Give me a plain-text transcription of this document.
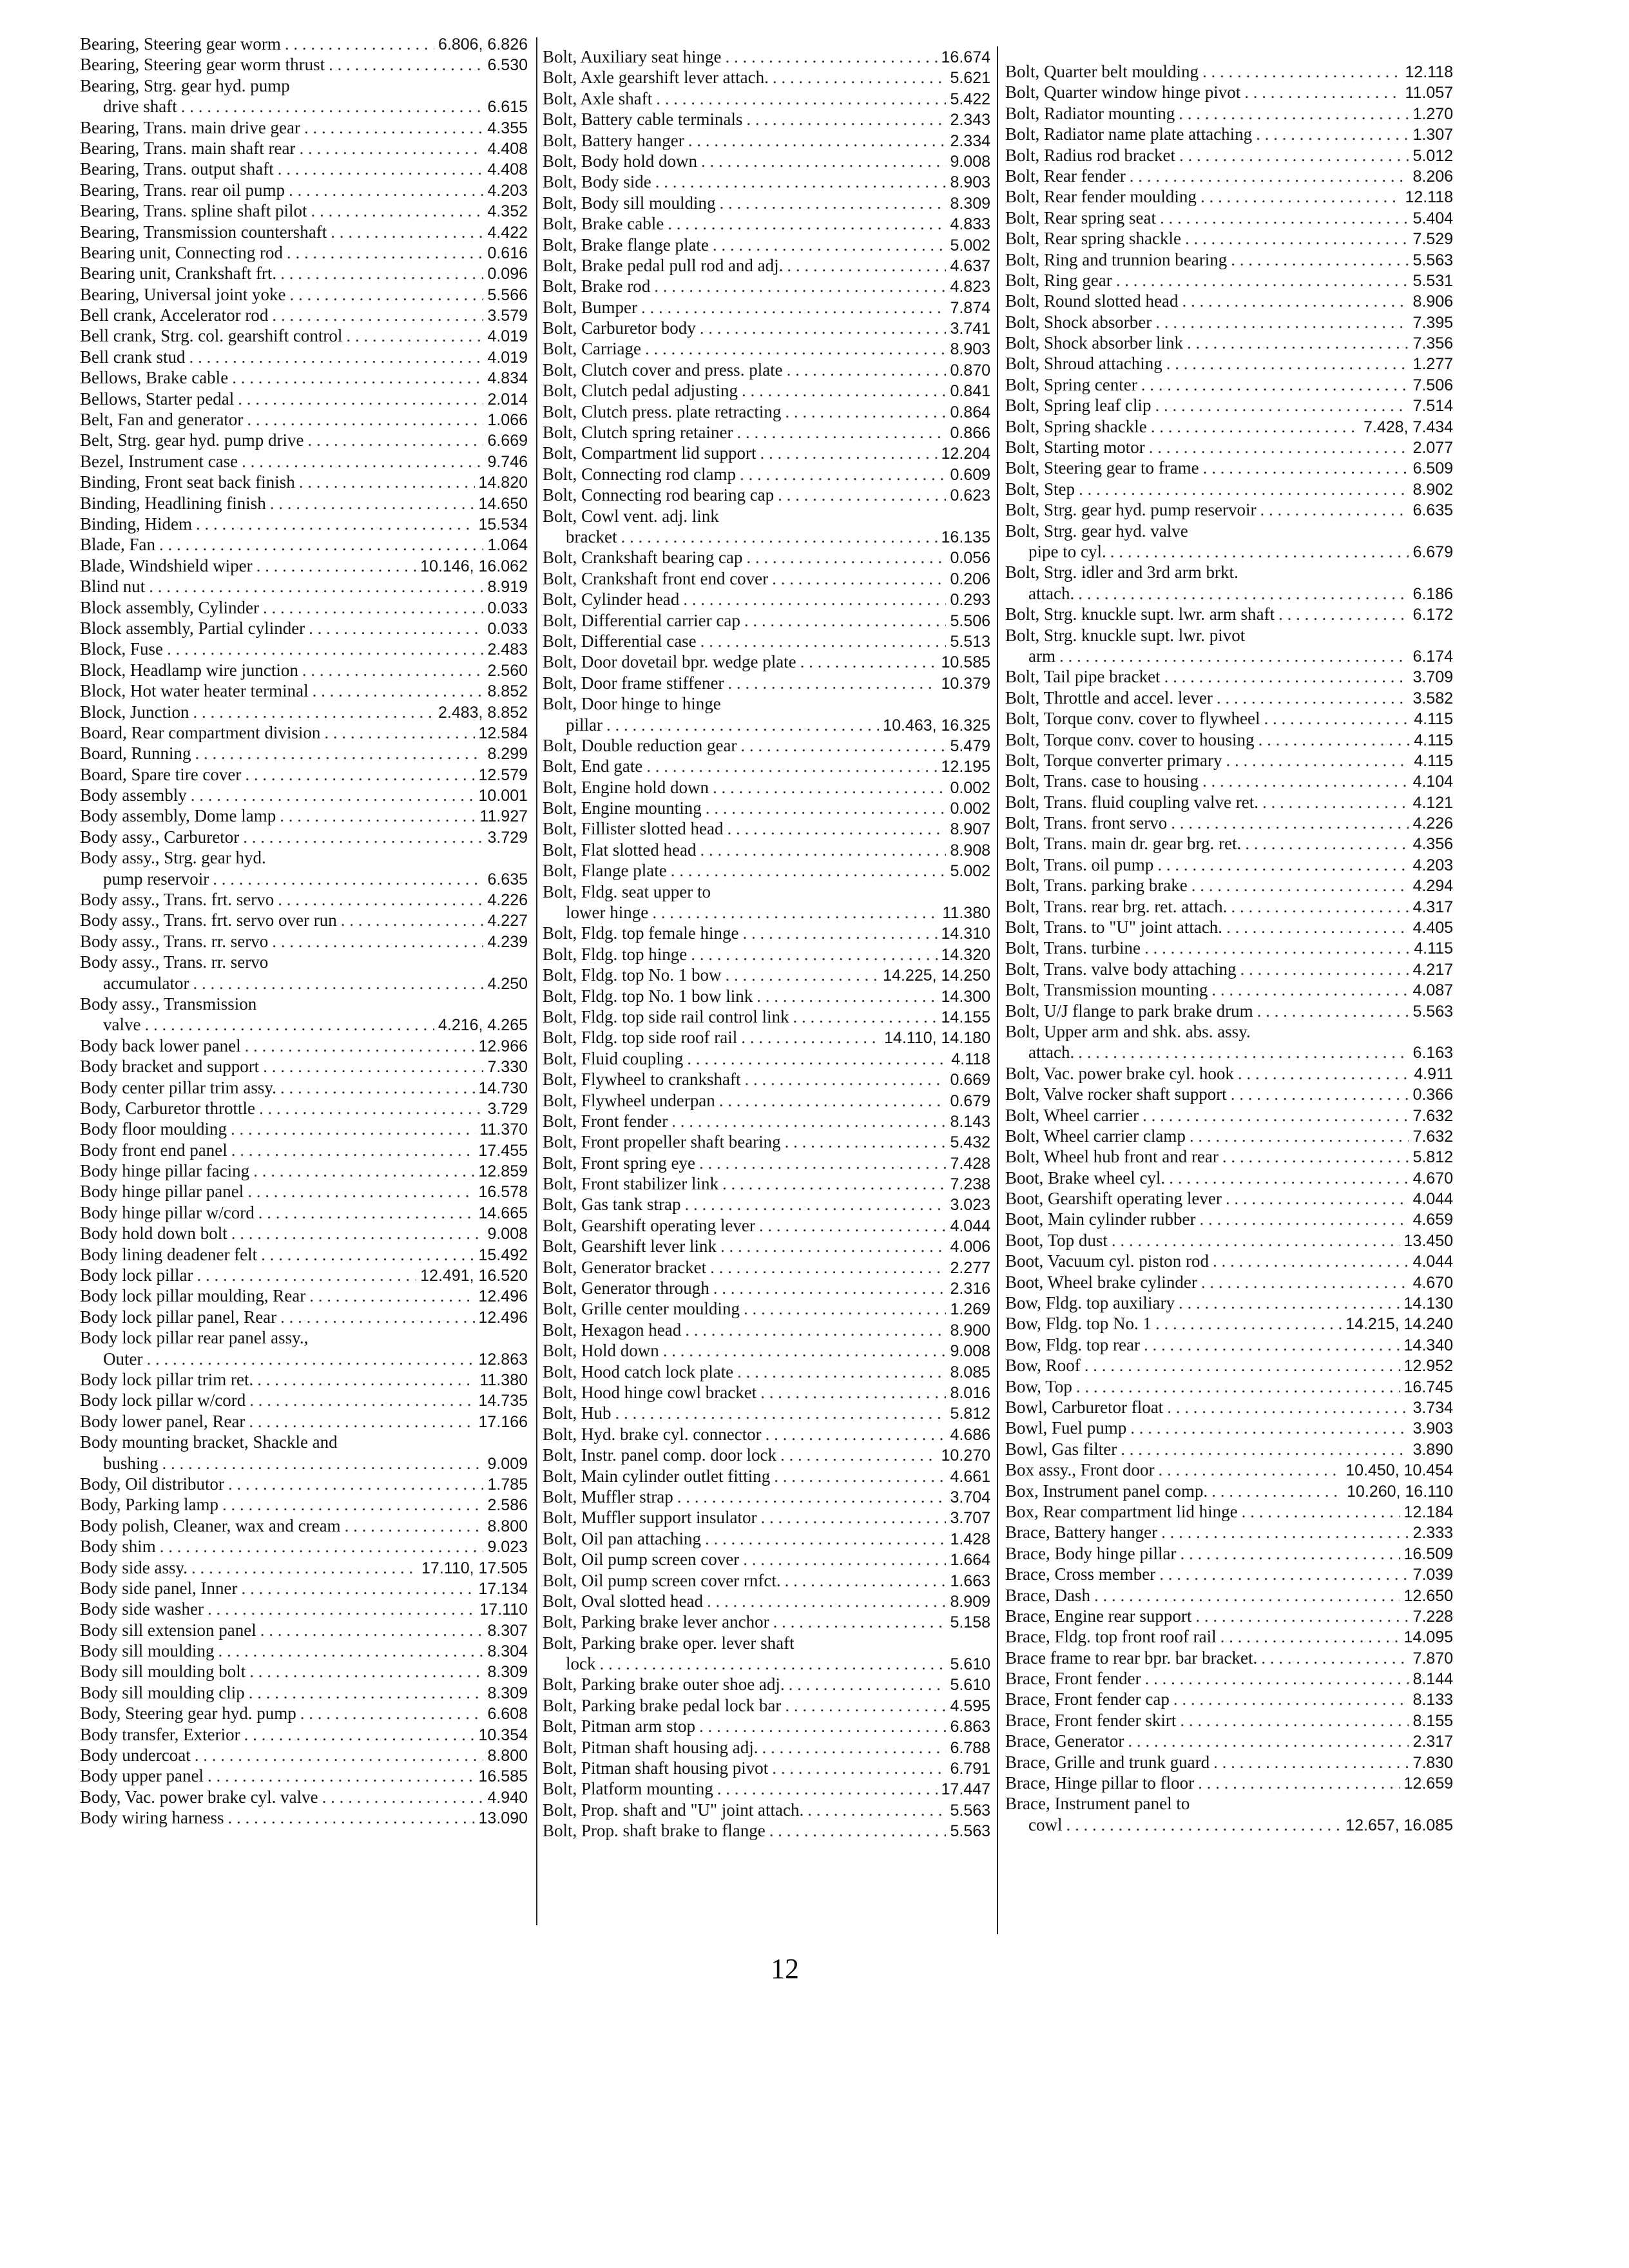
Bearing, Steering gear worm . . .	6.806, 6.826
Bearing, Steering gear worm thrust . . .	6.530
Bearing, Strg. gear hyd. pump
drive shaft . . .	6.615
Bearing, Trans. main drive gear . . .	4.355
Bearing, Trans. main shaft rear . . .	4.408
Bearing, Trans. output shaft . . .	4.408
Bearing, Trans. rear oil pump . . .	4.203
Bearing, Trans. spline shaft pilot . . .	4.352
Bearing, Transmission countershaft . . .	4.422
Bearing unit, Connecting rod . . .	0.616
Bearing unit, Crankshaft frt. . . .	0.096
Bearing, Universal joint yoke . . .	5.566
Bell crank, Accelerator rod . . .	3.579
Bell crank, Strg. col. gearshift control . . .	4.019
Bell crank stud . . .	4.019
Bellows, Brake cable . . .	4.834
Bellows, Starter pedal . . .	2.014
Belt, Fan and generator . . .	1.066
Belt, Strg. gear hyd. pump drive . . .	6.669
Bezel, Instrument case . . .	9.746
Binding, Front seat back finish . . .	14.820
Binding, Headlining finish . . .	14.650
Binding, Hidem . . .	15.534
Blade, Fan . . .	1.064
Blade, Windshield wiper . . .	10.146, 16.062
Blind nut . . .	8.919
Block assembly, Cylinder . . .	0.033
Block assembly, Partial cylinder . . .	0.033
Block, Fuse . . .	2.483
Block, Headlamp wire junction . . .	2.560
Block, Hot water heater terminal . . .	8.852
Block, Junction . . .	2.483, 8.852
Board, Rear compartment division . . .	12.584
Board, Running . . .	8.299
Board, Spare tire cover . . .	12.579
Body assembly . . .	10.001
Body assembly, Dome lamp . . .	11.927
Body assy., Carburetor . . .	3.729
Body assy., Strg. gear hyd.
pump reservoir . . .	6.635
Body assy., Trans. frt. servo . . .	4.226
Body assy., Trans. frt. servo over run . . .	4.227
Body assy., Trans. rr. servo . . .	4.239
Body assy., Trans. rr. servo
accumulator . . .	4.250
Body assy., Transmission
valve . . .	4.216, 4.265
Body back lower panel . . .	12.966
Body bracket and support . . .	7.330
Body center pillar trim assy. . . .	14.730
Body, Carburetor throttle . . .	3.729
Body floor moulding . . .	11.370
Body front end panel . . .	17.455
Body hinge pillar facing . . .	12.859
Body hinge pillar panel . . .	16.578
Body hinge pillar w/cord . . .	14.665
Body hold down bolt . . .	9.008
Body lining deadener felt . . .	15.492
Body lock pillar . . .	12.491, 16.520
Body lock pillar moulding, Rear . . .	12.496
Body lock pillar panel, Rear . . .	12.496
Body lock pillar rear panel assy.,
Outer . . .	12.863
Body lock pillar trim ret. . . .	11.380
Body lock pillar w/cord . . .	14.735
Body lower panel, Rear . . .	17.166
Body mounting bracket, Shackle and
bushing . . .	9.009
Body, Oil distributor . . .	1.785
Body, Parking lamp . . .	2.586
Body polish, Cleaner, wax and cream . . .	8.800
Body shim . . .	9.023
Body side assy. . . .	17.110, 17.505
Body side panel, Inner . . .	17.134
Body side washer . . .	17.110
Body sill extension panel . . .	8.307
Body sill moulding . . .	8.304
Body sill moulding bolt . . .	8.309
Body sill moulding clip . . .	8.309
Body, Steering gear hyd. pump . . .	6.608
Body transfer, Exterior . . .	10.354
Body undercoat . . .	8.800
Body upper panel . . .	16.585
Body, Vac. power brake cyl. valve . . .	4.940
Body wiring harness . . .	13.090
Bolt, Auxiliary seat hinge . . .	16.674
Bolt, Axle gearshift lever attach. . . .	5.621
Bolt, Axle shaft . . .	5.422
Bolt, Battery cable terminals . . .	2.343
Bolt, Battery hanger . . .	2.334
Bolt, Body hold down . . .	9.008
Bolt, Body side . . .	8.903
Bolt, Body sill moulding . . .	8.309
Bolt, Brake cable . . .	4.833
Bolt, Brake flange plate . . .	5.002
Bolt, Brake pedal pull rod and adj. . . .	4.637
Bolt, Brake rod . . .	4.823
Bolt, Bumper . . .	7.874
Bolt, Carburetor body . . .	3.741
Bolt, Carriage . . .	8.903
Bolt, Clutch cover and press. plate . . .	0.870
Bolt, Clutch pedal adjusting . . .	0.841
Bolt, Clutch press. plate retracting . . .	0.864
Bolt, Clutch spring retainer . . .	0.866
Bolt, Compartment lid support . . .	12.204
Bolt, Connecting rod clamp . . .	0.609
Bolt, Connecting rod bearing cap . . .	0.623
Bolt, Cowl vent. adj. link
bracket . . .	16.135
Bolt, Crankshaft bearing cap . . .	0.056
Bolt, Crankshaft front end cover . . .	0.206
Bolt, Cylinder head . . .	0.293
Bolt, Differential carrier cap . . .	5.506
Bolt, Differential case . . .	5.513
Bolt, Door dovetail bpr. wedge plate . . .	10.585
Bolt, Door frame stiffener . . .	10.379
Bolt, Door hinge to hinge
pillar . . .	10.463, 16.325
Bolt, Double reduction gear . . .	5.479
Bolt, End gate . . .	12.195
Bolt, Engine hold down . . .	0.002
Bolt, Engine mounting . . .	0.002
Bolt, Fillister slotted head . . .	8.907
Bolt, Flat slotted head . . .	8.908
Bolt, Flange plate . . .	5.002
Bolt, Fldg. seat upper to
lower hinge . . .	11.380
Bolt, Fldg. top female hinge . . .	14.310
Bolt, Fldg. top hinge . . .	14.320
Bolt, Fldg. top No. 1 bow . . .	14.225, 14.250
Bolt, Fldg. top No. 1 bow link . . .	14.300
Bolt, Fldg. top side rail control link . . .	14.155
Bolt, Fldg. top side roof rail . . .	14.110, 14.180
Bolt, Fluid coupling . . .	4.118
Bolt, Flywheel to crankshaft . . .	0.669
Bolt, Flywheel underpan . . .	0.679
Bolt, Front fender . . .	8.143
Bolt, Front propeller shaft bearing . . .	5.432
Bolt, Front spring eye . . .	7.428
Bolt, Front stabilizer link . . .	7.238
Bolt, Gas tank strap . . .	3.023
Bolt, Gearshift operating lever . . .	4.044
Bolt, Gearshift lever link . . .	4.006
Bolt, Generator bracket . . .	2.277
Bolt, Generator through . . .	2.316
Bolt, Grille center moulding . . .	1.269
Bolt, Hexagon head . . .	8.900
Bolt, Hold down . . .	9.008
Bolt, Hood catch lock plate . . .	8.085
Bolt, Hood hinge cowl bracket . . .	8.016
Bolt, Hub . . .	5.812
Bolt, Hyd. brake cyl. connector . . .	4.686
Bolt, Instr. panel comp. door lock . . .	10.270
Bolt, Main cylinder outlet fitting . . .	4.661
Bolt, Muffler strap . . .	3.704
Bolt, Muffler support insulator . . .	3.707
Bolt, Oil pan attaching . . .	1.428
Bolt, Oil pump screen cover . . .	1.664
Bolt, Oil pump screen cover rnfct. . . .	1.663
Bolt, Oval slotted head . . .	8.909
Bolt, Parking brake lever anchor . . .	5.158
Bolt, Parking brake oper. lever shaft
lock . . .	5.610
Bolt, Parking brake outer shoe adj. . . .	5.610
Bolt, Parking brake pedal lock bar . . .	4.595
Bolt, Pitman arm stop . . .	6.863
Bolt, Pitman shaft housing adj. . . .	6.788
Bolt, Pitman shaft housing pivot . . .	6.791
Bolt, Platform mounting . . .	17.447
Bolt, Prop. shaft and "U" joint attach. . . .	5.563
Bolt, Prop. shaft brake to flange . . .	5.563
Bolt, Quarter belt moulding . . .	12.118
Bolt, Quarter window hinge pivot . . .	11.057
Bolt, Radiator mounting . . .	1.270
Bolt, Radiator name plate attaching . . .	1.307
Bolt, Radius rod bracket . . .	5.012
Bolt, Rear fender . . .	8.206
Bolt, Rear fender moulding . . .	12.118
Bolt, Rear spring seat . . .	5.404
Bolt, Rear spring shackle . . .	7.529
Bolt, Ring and trunnion bearing . . .	5.563
Bolt, Ring gear . . .	5.531
Bolt, Round slotted head . . .	8.906
Bolt, Shock absorber . . .	7.395
Bolt, Shock absorber link . . .	7.356
Bolt, Shroud attaching . . .	1.277
Bolt, Spring center . . .	7.506
Bolt, Spring leaf clip . . .	7.514
Bolt, Spring shackle . . .	7.428, 7.434
Bolt, Starting motor . . .	2.077
Bolt, Steering gear to frame . . .	6.509
Bolt, Step . . .	8.902
Bolt, Strg. gear hyd. pump reservoir . . .	6.635
Bolt, Strg. gear hyd. valve
pipe to cyl. . . .	6.679
Bolt, Strg. idler and 3rd arm brkt.
attach. . . .	6.186
Bolt, Strg. knuckle supt. lwr. arm shaft . . .	6.172
Bolt, Strg. knuckle supt. lwr. pivot
arm . . .	6.174
Bolt, Tail pipe bracket . . .	3.709
Bolt, Throttle and accel. lever . . .	3.582
Bolt, Torque conv. cover to flywheel . . .	4.115
Bolt, Torque conv. cover to housing . . .	4.115
Bolt, Torque converter primary . . .	4.115
Bolt, Trans. case to housing . . .	4.104
Bolt, Trans. fluid coupling valve ret. . . .	4.121
Bolt, Trans. front servo . . .	4.226
Bolt, Trans. main dr. gear brg. ret. . . .	4.356
Bolt, Trans. oil pump . . .	4.203
Bolt, Trans. parking brake . . .	4.294
Bolt, Trans. rear brg. ret. attach. . . .	4.317
Bolt, Trans. to "U" joint attach. . . .	4.405
Bolt, Trans. turbine . . .	4.115
Bolt, Trans. valve body attaching . . .	4.217
Bolt, Transmission mounting . . .	4.087
Bolt, U/J flange to park brake drum . . .	5.563
Bolt, Upper arm and shk. abs. assy.
attach. . . .	6.163
Bolt, Vac. power brake cyl. hook . . .	4.911
Bolt, Valve rocker shaft support . . .	0.366
Bolt, Wheel carrier . . .	7.632
Bolt, Wheel carrier clamp . . .	7.632
Bolt, Wheel hub front and rear . . .	5.812
Boot, Brake wheel cyl. . . .	4.670
Boot, Gearshift operating lever . . .	4.044
Boot, Main cylinder rubber . . .	4.659
Boot, Top dust . . .	13.450
Boot, Vacuum cyl. piston rod . . .	4.044
Boot, Wheel brake cylinder . . .	4.670
Bow, Fldg. top auxiliary . . .	14.130
Bow, Fldg. top No. 1 . . .	14.215, 14.240
Bow, Fldg. top rear . . .	14.340
Bow, Roof . . .	12.952
Bow, Top . . .	16.745
Bowl, Carburetor float . . .	3.734
Bowl, Fuel pump . . .	3.903
Bowl, Gas filter . . .	3.890
Box assy., Front door . . .	10.450, 10.454
Box, Instrument panel comp. . . .	10.260, 16.110
Box, Rear compartment lid hinge . . .	12.184
Brace, Battery hanger . . .	2.333
Brace, Body hinge pillar . . .	16.509
Brace, Cross member . . .	7.039
Brace, Dash . . .	12.650
Brace, Engine rear support . . .	7.228
Brace, Fldg. top front roof rail . . .	14.095
Brace frame to rear bpr. bar bracket. . . .	7.870
Brace, Front fender . . .	8.144
Brace, Front fender cap . . .	8.133
Brace, Front fender skirt . . .	8.155
Brace, Generator . . .	2.317
Brace, Grille and trunk guard . . .	7.830
Brace, Hinge pillar to floor . . .	12.659
Brace, Instrument panel to
cowl . . .	12.657, 16.085
12
